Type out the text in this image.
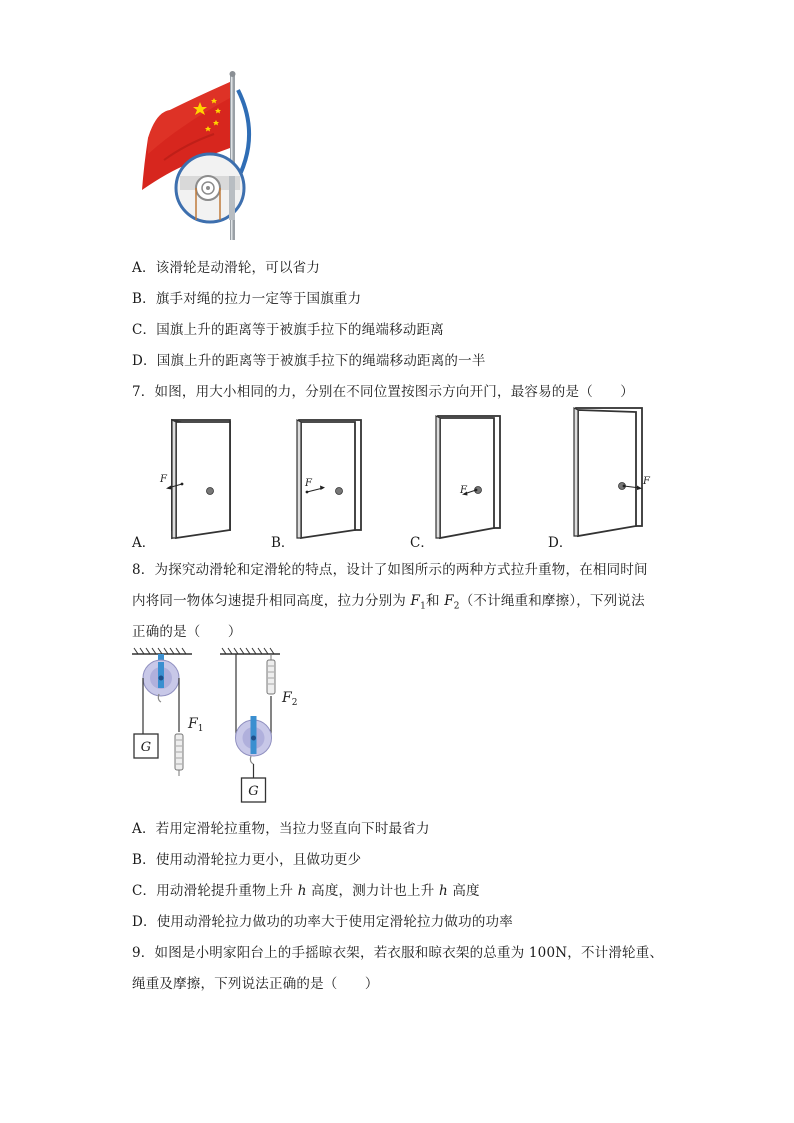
A．该滑轮是动滑轮，可以省力
B．旗手对绳的拉力一定等于国旗重力
C．国旗上升的距离等于被旗手拉下的绳端移动距离
D．国旗上升的距离等于被旗手拉下的绳端移动距离的一半
7．如图，用大小相同的力，分别在不同位置按图示方向开门，最容易的是（　　）
F
A．
F
B．
F
C．
F
D．
8．为探究动滑轮和定滑轮的特点，设计了如图所示的两种方式拉升重物，在相同时间
内将同一物体匀速提升相同高度，拉力分别为 $F_1$和 $F_2$（不计绳重和摩擦），下列说法
正确的是（　　）
G
$F_1$
$F_2$
G
A．若用定滑轮拉重物，当拉力竖直向下时最省力
B．使用动滑轮拉力更小，且做功更少
C．用动滑轮提升重物上升 h 高度，测力计也上升 h 高度
D．使用动滑轮拉力做功的功率大于使用定滑轮拉力做功的功率
9．如图是小明家阳台上的手摇晾衣架，若衣服和晾衣架的总重为 100N，不计滑轮重、
绳重及摩擦，下列说法正确的是（　　）
